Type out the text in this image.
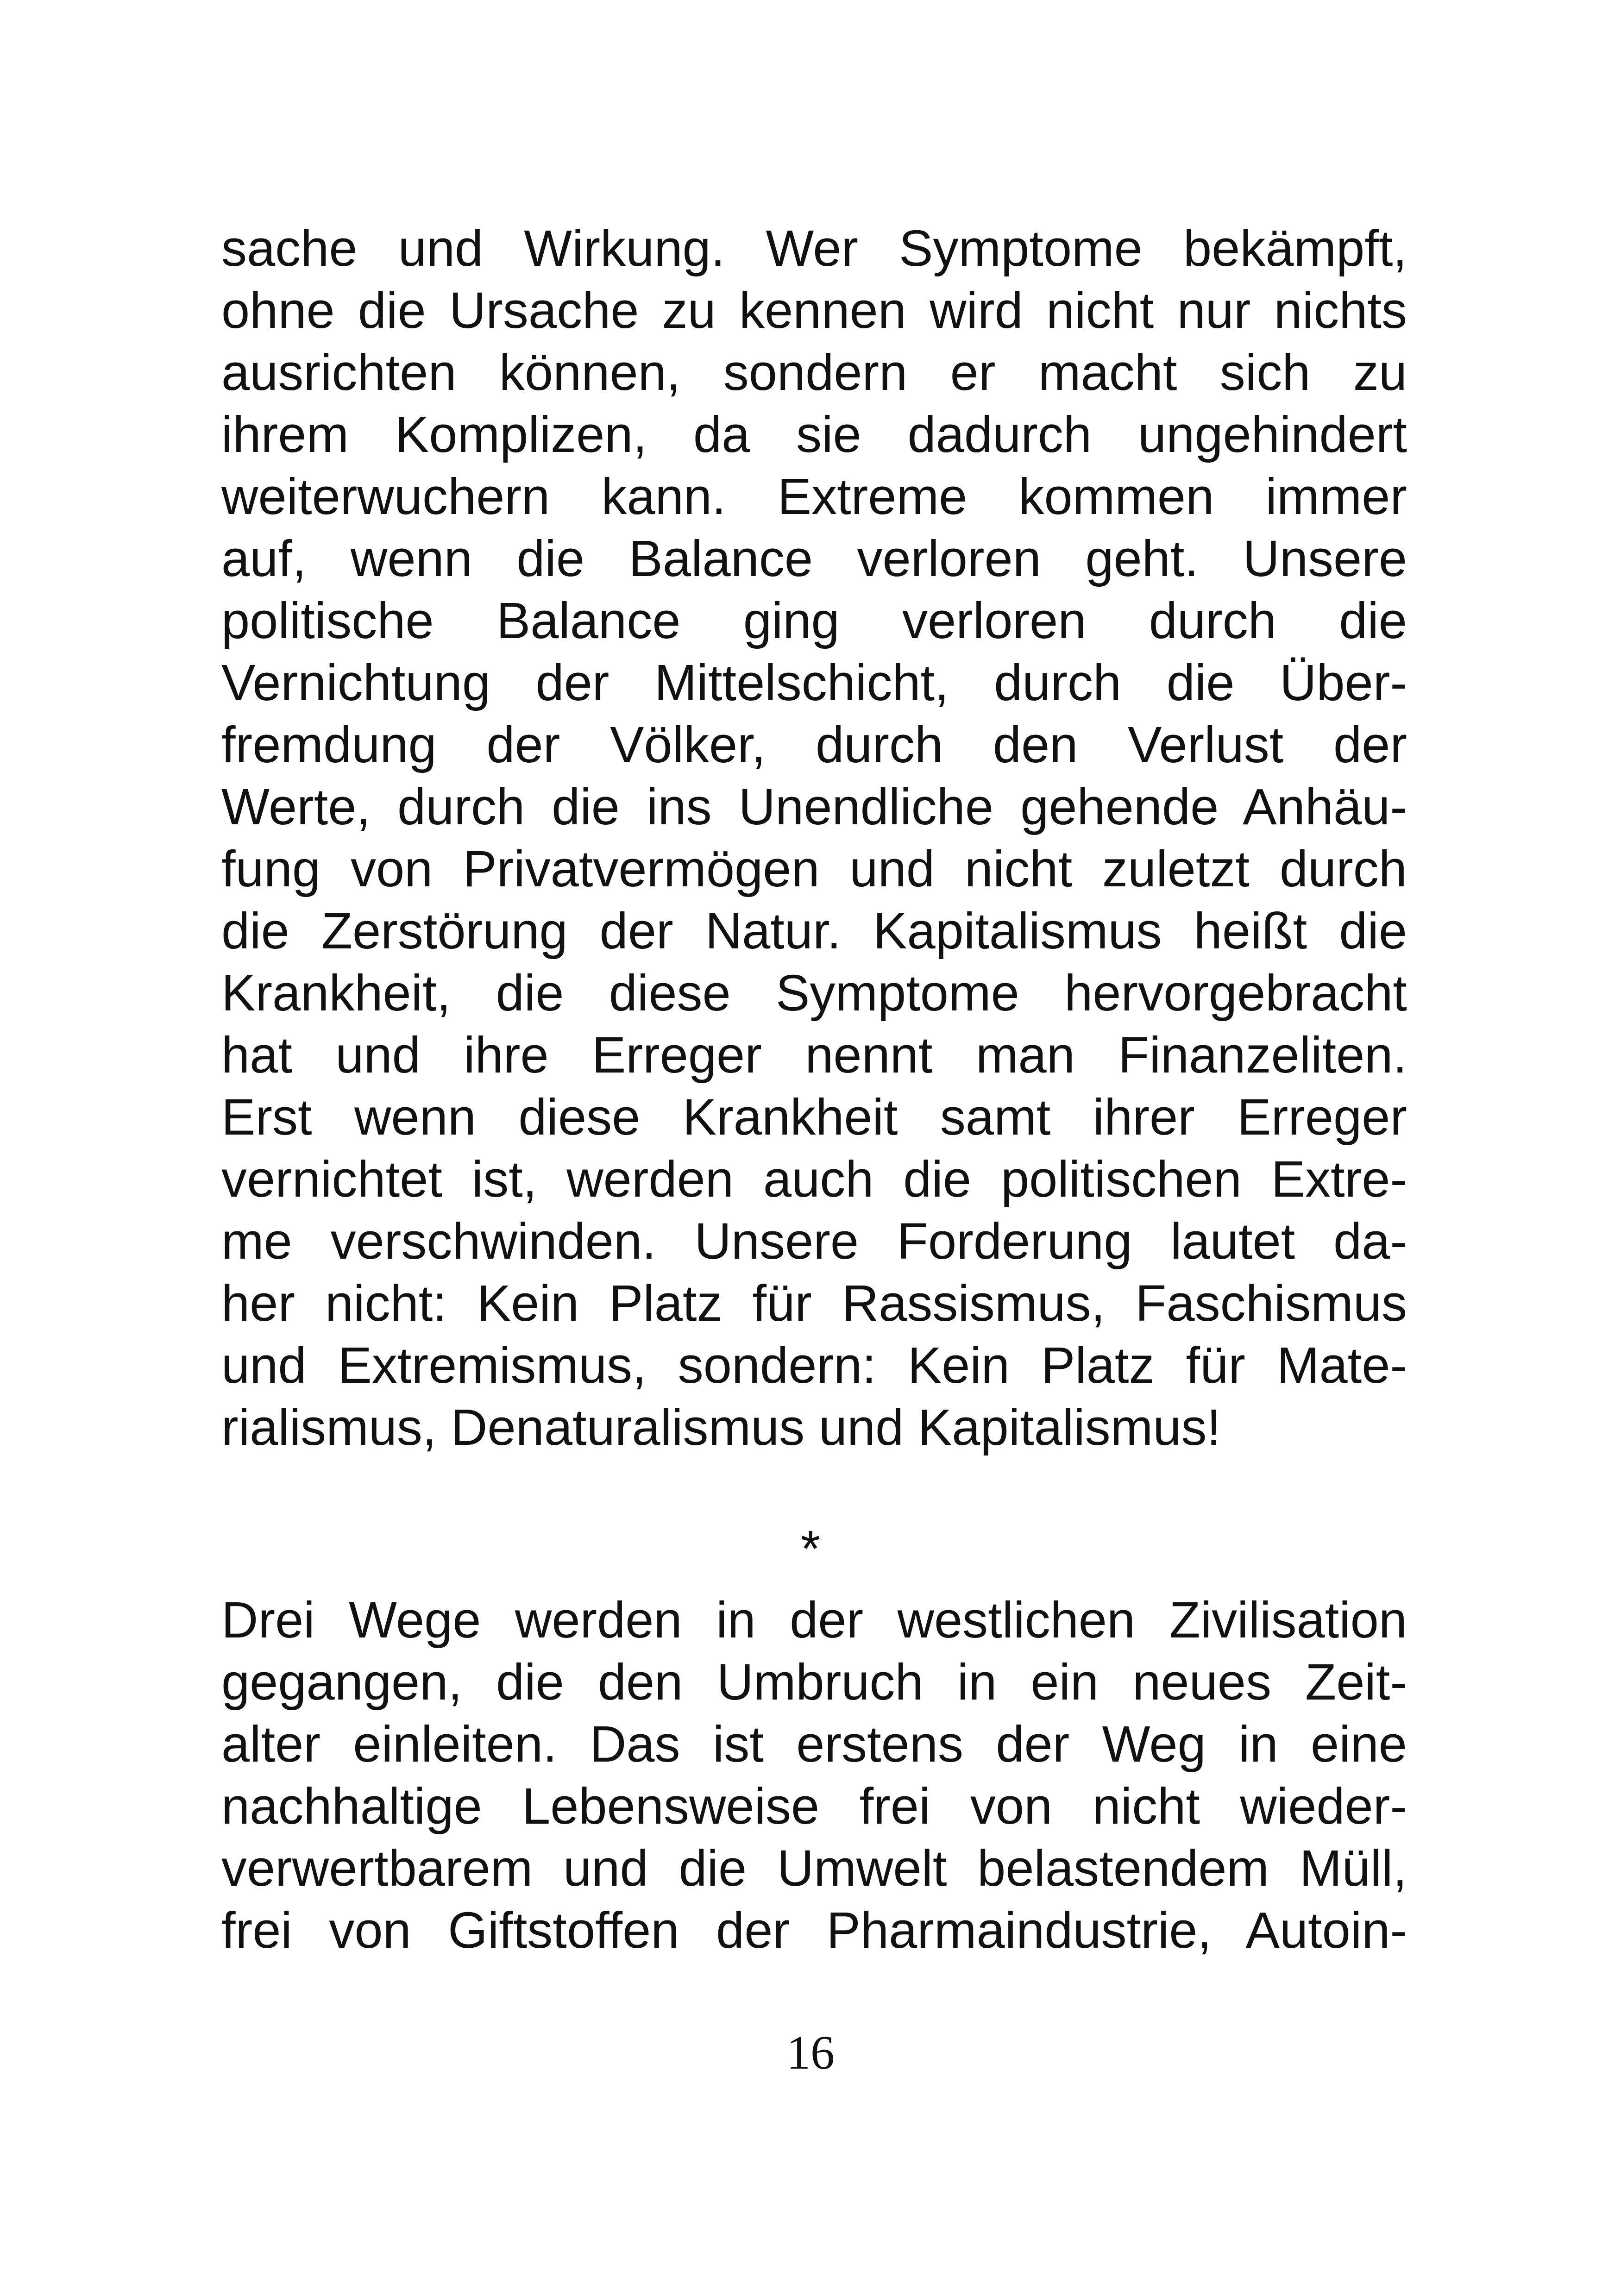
sache und Wirkung. Wer Symptome bekämpft,
ohne die Ursache zu kennen wird nicht nur nichts
ausrichten können, sondern er macht sich zu
ihrem Komplizen, da sie dadurch ungehindert
weiterwuchern kann. Extreme kommen immer
auf, wenn die Balance verloren geht. Unsere
politische Balance ging verloren durch die
Vernichtung der Mittelschicht, durch die Über-
fremdung der Völker, durch den Verlust der
Werte, durch die ins Unendliche gehende Anhäu-
fung von Privatvermögen und nicht zuletzt durch
die Zerstörung der Natur. Kapitalismus heißt die
Krankheit, die diese Symptome hervorgebracht
hat und ihre Erreger nennt man Finanzeliten.
Erst wenn diese Krankheit samt ihrer Erreger
vernichtet ist, werden auch die politischen Extre-
me verschwinden. Unsere Forderung lautet da-
her nicht: Kein Platz für Rassismus, Faschismus
und Extremismus, sondern: Kein Platz für Mate-
rialismus, Denaturalismus und Kapitalismus!
*
Drei Wege werden in der westlichen Zivilisation
gegangen, die den Umbruch in ein neues Zeit-
alter einleiten. Das ist erstens der Weg in eine
nachhaltige Lebensweise frei von nicht wieder-
verwertbarem und die Umwelt belastendem Müll,
frei von Giftstoffen der Pharmaindustrie, Autoin-
16
